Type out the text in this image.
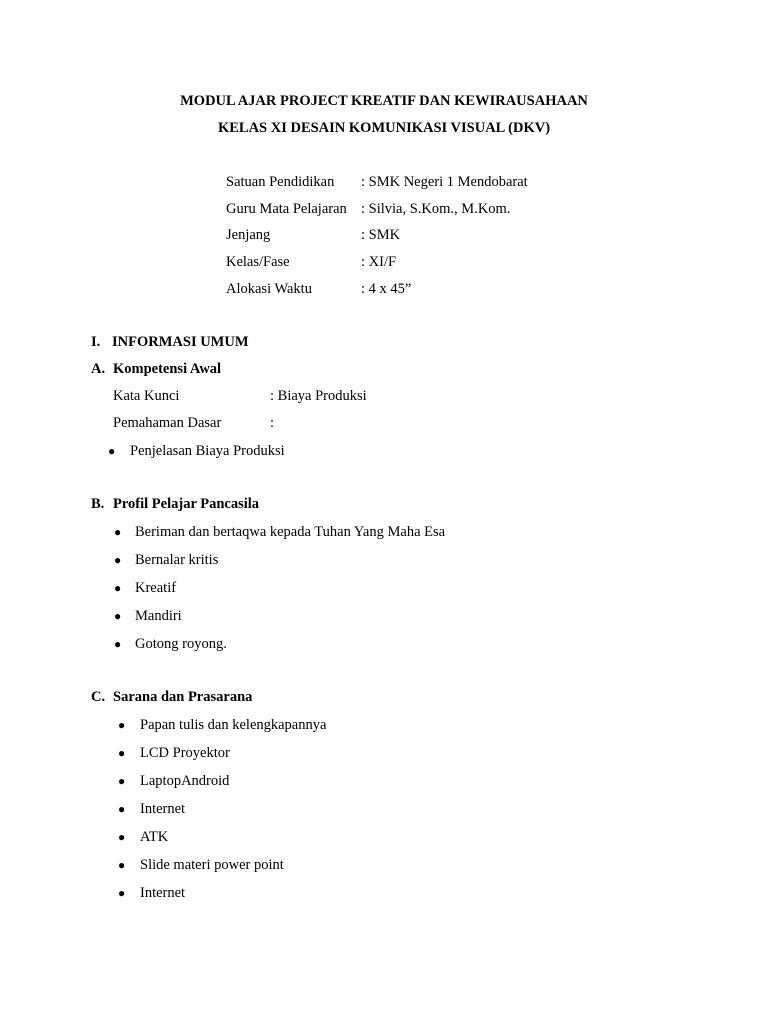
MODUL AJAR PROJECT KREATIF DAN KEWIRAUSAHAAN
KELAS XI DESAIN KOMUNIKASI VISUAL (DKV)
Satuan Pendidikan : SMK Negeri 1 Mendobarat
Guru Mata Pelajaran : Silvia, S.Kom., M.Kom.
Jenjang	: SMK
Kelas/Fase	: XI/F
Alokasi Waktu	: 4 x 45”
I. INFORMASI UMUM
A. Kompetensi Awal
Kata Kunci	: Biaya Produksi
Pemahaman Dasar	:
● Penjelasan Biaya Produksi
B. Profil Pelajar Pancasila
● Beriman dan bertaqwa kepada Tuhan Yang Maha Esa
● Bernalar kritis
● Kreatif
● Mandiri
● Gotong royong.
C. Sarana dan Prasarana
● Papan tulis dan kelengkapannya
● LCD Proyektor
● LaptopAndroid
● Internet
● ATK
● Slide materi power point
● Internet
